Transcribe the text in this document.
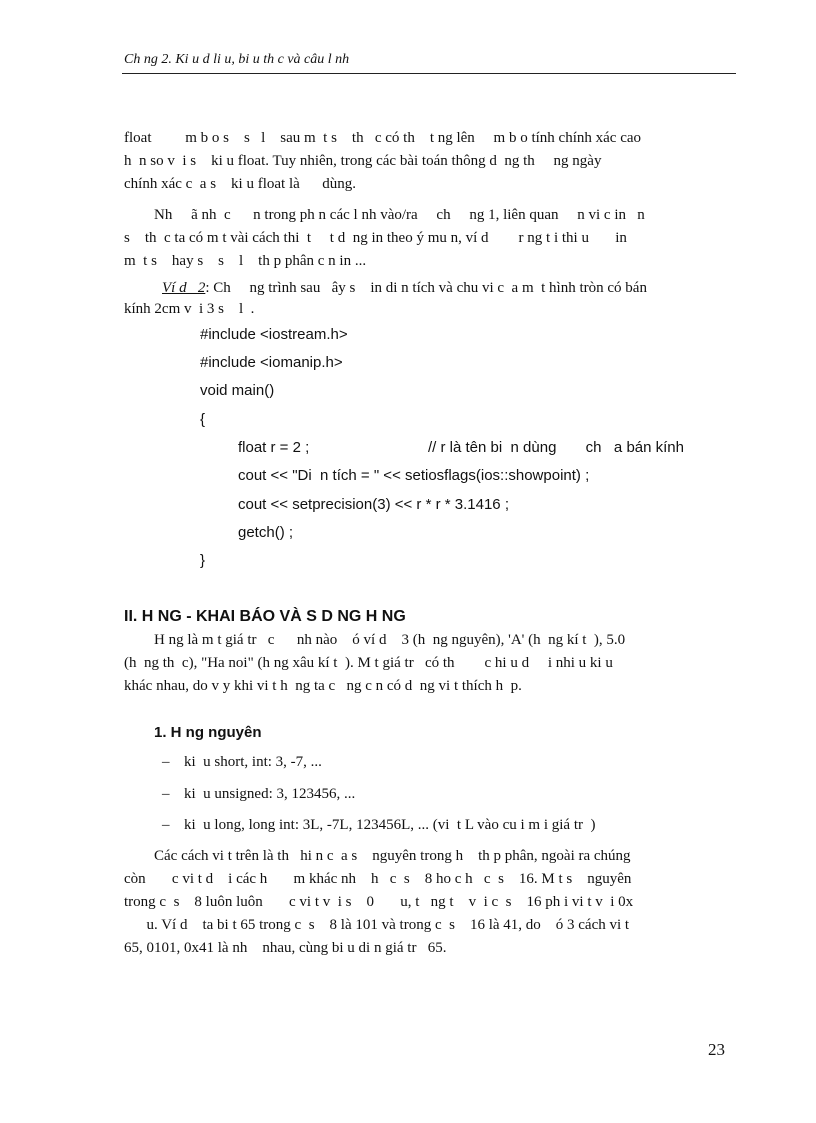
Ch ng 2. Ki u d li u, bi u th c và câu l nh
float         m b o s    s   l    sau m  t s    th   c có th    t ng lên     m b o tính chính xác cao
h  n so v  i s    ki u float. Tuy nhiên, trong các bài toán thông d  ng th     ng ngày
chính xác c  a s    ki u float là      dùng.
Nh     ã nh  c      n trong ph n các l nh vào/ra     ch     ng 1, liên quan     n vi c in   n
s    th  c ta có m t vài cách thi  t     t d  ng in theo ý mu n, ví d        r ng t i thi u       in
m  t s    hay s    s    l    th p phân c n in ...
Ví d   2: Ch     ng trình sau   ây s    in di n tích và chu vi c  a m  t hình tròn có bán
kính 2cm v  i 3 s    l  .
#include <iostream.h>
#include <iomanip.h>
void main()
{
float r = 2 ;	// r là tên bi  n dùng       ch   a bán kính
cout << "Di  n tích = " << setiosflags(ios::showpoint) ;
cout << setprecision(3) << r * r * 3.1416 ;
getch() ;
}
II. H NG - KHAI BÁO VÀ S D NG H NG
H ng là m t giá tr   c      nh nào    ó ví d    3 (h  ng nguyên), 'A' (h  ng kí t  ), 5.0
(h  ng th  c), "Ha noi" (h ng xâu kí t  ). M t giá tr   có th        c hi u d     i nhi u ki u
khác nhau, do v y khi vi t h  ng ta c   ng c n có d  ng vi t thích h  p.
1. H ng nguyên
– ki  u short, int: 3, -7, ...
– ki  u unsigned: 3, 123456, ...
– ki  u long, long int: 3L, -7L, 123456L, ... (vi  t L vào cu i m i giá tr  )
Các cách vi t trên là th   hi n c  a s    nguyên trong h    th p phân, ngoài ra chúng
còn       c vi t d    i các h       m khác nh    h   c  s    8 ho c h   c  s    16. M t s    nguyên
trong c  s    8 luôn luôn       c vi t v  i s    0       u, t   ng t    v  i c  s    16 ph i vi t v  i 0x
u. Ví d    ta bi t 65 trong c  s    8 là 101 và trong c  s    16 là 41, do    ó 3 cách vi t
65, 0101, 0x41 là nh    nhau, cùng bi u di n giá tr   65.
23
